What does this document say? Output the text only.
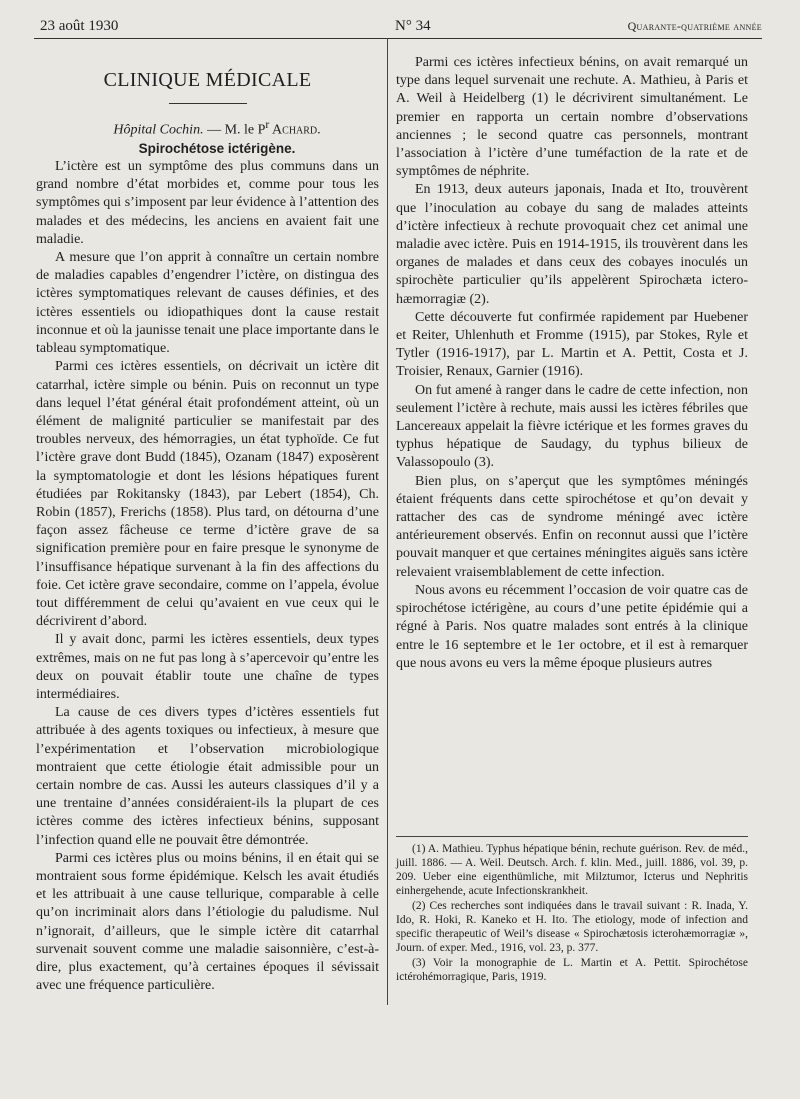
23 août 1930	N° 34	Quarante-quatrième année
CLINIQUE MÉDICALE

Hôpital Cochin. — M. le $P^r$ Achard.

Spirochétose ictérigène.

L’ictère est un symptôme des plus communs dans un grand nombre d’état morbides et, comme pour tous les symptômes qui s’imposent par leur évidence à l’attention des malades et des médecins, les anciens en avaient fait une maladie.

A mesure que l’on apprit à connaître un certain nombre de maladies capables d’engendrer l’ictère, on distingua des ictères symptomatiques relevant de causes définies, et des ictères essentiels ou idiopathiques dont la cause restait inconnue et où la jaunisse tenait une place importante dans le tableau symptomatique.

Parmi ces ictères essentiels, on décrivait un ictère dit catarrhal, ictère simple ou bénin. Puis on reconnut un type dans lequel l’état général était profondément atteint, où un élément de malignité particulier se manifestait par des troubles nerveux, des hémorragies, un état typhoïde. Ce fut l’ictère grave dont Budd (1845), Ozanam (1847) exposèrent la symptomatologie et dont les lésions hépatiques furent étudiées par Rokitansky (1843), par Lebert (1854), Ch. Robin (1857), Frerichs (1858). Plus tard, on détourna d’une façon assez fâcheuse ce terme d’ictère grave de sa signification première pour en faire presque le synonyme de l’insuffisance hépatique survenant à la fin des affections du foie. Cet ictère grave secondaire, comme on l’appela, évolue tout différemment de celui qu’avaient en vue ceux qui le décrivirent d’abord.

Il y avait donc, parmi les ictères essentiels, deux types extrêmes, mais on ne fut pas long à s’apercevoir qu’entre les deux on pouvait établir toute une chaîne de types intermédiaires.

La cause de ces divers types d’ictères essentiels fut attribuée à des agents toxiques ou infectieux, à mesure que l’expérimentation et l’observation microbiologique montraient que cette étiologie était admissible pour un certain nombre de cas. Aussi les auteurs classiques d’il y a une trentaine d’années considéraient-ils la plupart de ces ictères comme des ictères infectieux bénins, supposant l’infection quand elle ne pouvait être démontrée.

Parmi ces ictères plus ou moins bénins, il en était qui se montraient sous forme épidémique. Kelsch les avait étudiés et les attribuait à une cause tellurique, comparable à celle qu’on incriminait alors dans l’étiologie du paludisme. Nul n’ignorait, d’ailleurs, que le simple ictère dit catarrhal survenait souvent comme une maladie saisonnière, c’est-à-dire, plus exactement, qu’à certaines époques il sévissait avec une fréquence particulière.

Parmi ces ictères infectieux bénins, on avait remarqué un type dans lequel survenait une rechute. A. Mathieu, à Paris et A. Weil à Heidelberg (1) le décrivirent simultanément. Le premier en rapporta un certain nombre d’observations anciennes ; le second quatre cas personnels, montrant l’association à l’ictère d’une tuméfaction de la rate et de symptômes de néphrite.

En 1913, deux auteurs japonais, Inada et Ito, trouvèrent que l’inoculation au cobaye du sang de malades atteints d’ictère infectieux à rechute provoquait chez cet animal une maladie avec ictère. Puis en 1914-1915, ils trouvèrent dans les organes de malades et dans ceux des cobayes inoculés un spirochète particulier qu’ils appelèrent Spirochæta ictero-hæmorragiæ (2).

Cette découverte fut confirmée rapidement par Huebener et Reiter, Uhlenhuth et Fromme (1915), par Stokes, Ryle et Tytler (1916-1917), par L. Martin et A. Pettit, Costa et J. Troisier, Renaux, Garnier (1916).

On fut amené à ranger dans le cadre de cette infection, non seulement l’ictère à rechute, mais aussi les ictères fébriles que Lancereaux appelait la fièvre ictérique et les formes graves du typhus hépatique de Saudagy, du typhus bilieux de Valassopoulo (3).

Bien plus, on s’aperçut que les symptômes méningés étaient fréquents dans cette spirochétose et qu’on devait y rattacher des cas de syndrome méningé avec ictère antérieurement observés. Enfin on reconnut aussi que l’ictère pouvait manquer et que certaines méningites aiguës sans ictère relevaient vraisemblablement de cette infection.

Nous avons eu récemment l’occasion de voir quatre cas de spirochétose ictérigène, au cours d’une petite épidémie qui a régné à Paris. Nos quatre malades sont entrés à la clinique entre le 16 septembre et le 1er octobre, et il est à remarquer que nous avons eu vers la même époque plusieurs autres

(1) A. Mathieu. Typhus hépatique bénin, rechute guérison. Rev. de méd., juill. 1886. — A. Weil. Deutsch. Arch. f. klin. Med., juill. 1886, vol. 39, p. 209. Ueber eine eigenthümliche, mit Milztumor, Icterus und Nephritis einhergehende, acute Infectionskrankheit.

(2) Ces recherches sont indiquées dans le travail suivant : R. Inada, Y. Ido, R. Hoki, R. Kaneko et H. Ito. The etiology, mode of infection and specific therapeutic of Weil’s disease « Spirochætosis icterohæmorragiæ », Journ. of exper. Med., 1916, vol. 23, p. 377.

(3) Voir la monographie de L. Martin et A. Pettit. Spirochétose ictérohémorragique, Paris, 1919.
